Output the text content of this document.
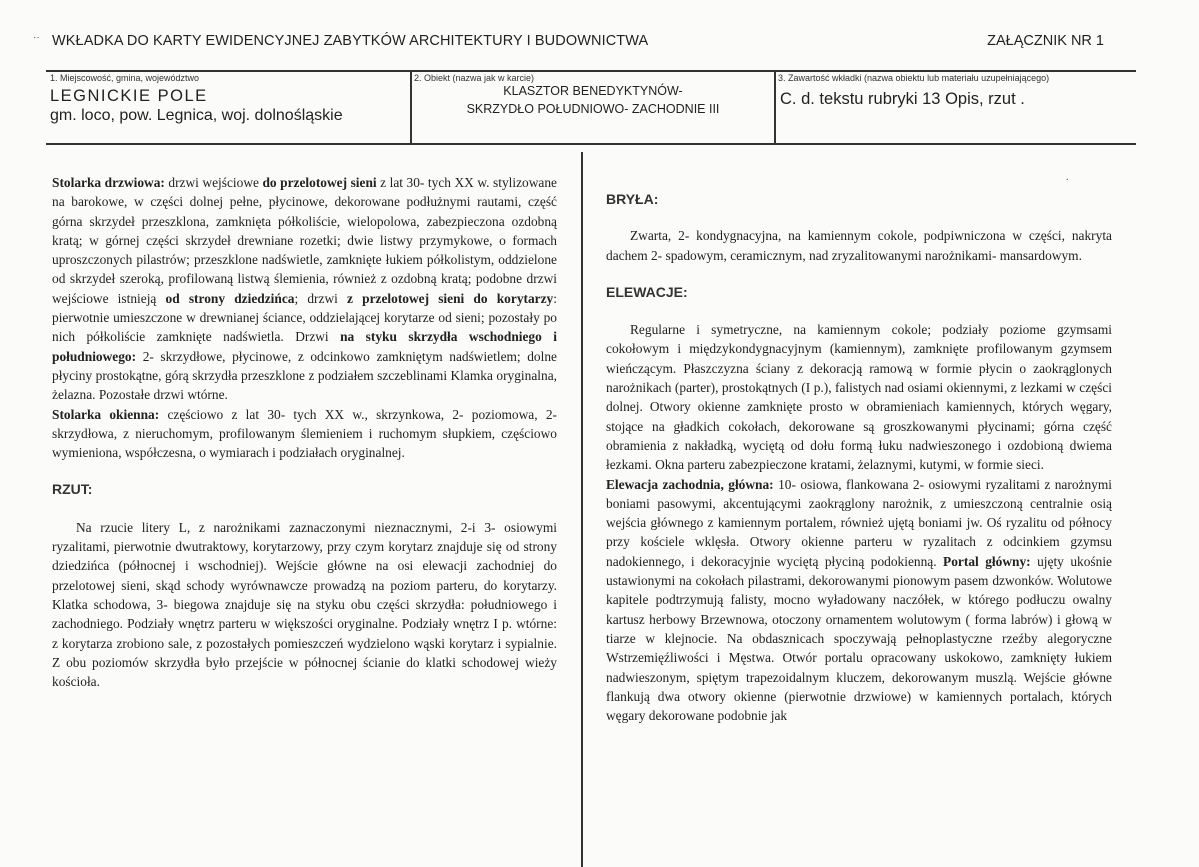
˙˙
.
WKŁADKA DO KARTY EWIDENCYJNEJ ZABYTKÓW ARCHITEKTURY I BUDOWNICTWA	ZAŁĄCZNIK NR 1
1. Miejscowość, gmina, województwo
LEGNICKIE POLE
gm. loco, pow. Legnica, woj. dolnośląskie
2. Obiekt (nazwa jak w karcie)
KLASZTOR BENEDYKTYNÓW-
SKRZYDŁO POŁUDNIOWO- ZACHODNIE III
3. Zawartość wkładki (nazwa obiektu lub materiału uzupełniającego)
C. d. tekstu rubryki 13 Opis, rzut .

Stolarka drzwiowa: drzwi wejściowe do przelotowej sieni z lat 30- tych XX w. stylizowane na barokowe, w części dolnej pełne, płycinowe, dekorowane podłużnymi rautami, część górna skrzydeł przeszklona, zamknięta półkoliście, wielopolowa, zabezpieczona ozdobną kratą; w górnej części skrzydeł drewniane rozetki; dwie listwy przymykowe, o formach uproszczonych pilastrów; przeszklone nadświetle, zamknięte łukiem półkolistym, oddzielone od skrzydeł szeroką, profilowaną listwą ślemienia, również z ozdobną kratą; podobne drzwi wejściowe istnieją od strony dziedzińca; drzwi z przelotowej sieni do korytarzy: pierwotnie umieszczone w drewnianej ściance, oddzielającej korytarze od sieni; pozostały po nich półkoliście zamknięte nadświetla. Drzwi na styku skrzydła wschodniego i południowego: 2- skrzydłowe, płycinowe, z odcinkowo zamkniętym nadświetlem; dolne płyciny prostokątne, górą skrzydła przeszklone z podziałem szczeblinami Klamka oryginalna, żelazna. Pozostałe drzwi wtórne.

Stolarka okienna: częściowo z lat 30- tych XX w., skrzynkowa, 2- poziomowa, 2- skrzydłowa, z nieruchomym, profilowanym ślemieniem i ruchomym słupkiem, częściowo wymieniona, współczesna, o wymiarach i podziałach oryginalnej.

RZUT:

Na rzucie litery L, z narożnikami zaznaczonymi nieznacznymi, 2-i 3- osiowymi ryzalitami, pierwotnie dwutraktowy, korytarzowy, przy czym korytarz znajduje się od strony dziedzińca (północnej i wschodniej). Wejście główne na osi elewacji zachodniej do przelotowej sieni, skąd schody wyrównawcze prowadzą na poziom parteru, do korytarzy. Klatka schodowa, 3- biegowa znajduje się na styku obu części skrzydła: południowego i zachodniego. Podziały wnętrz parteru w większości oryginalne. Podziały wnętrz I p. wtórne: z korytarza zrobiono sale, z pozostałych pomieszczeń wydzielono wąski korytarz i sypialnie. Z obu poziomów skrzydła było przejście w północnej ścianie do klatki schodowej wieży kościoła.

BRYŁA:

Zwarta, 2- kondygnacyjna, na kamiennym cokole, podpiwniczona w części, nakryta dachem 2- spadowym, ceramicznym, nad zryzalitowanymi narożnikami- mansardowym.

ELEWACJE:

Regularne i symetryczne, na kamiennym cokole; podziały poziome gzymsami cokołowym i międzykondygnacyjnym (kamiennym), zamknięte profilowanym gzymsem wieńczącym. Płaszczyzna ściany z dekoracją ramową w formie płycin o zaokrąglonych narożnikach (parter), prostokątnych (I p.), falistych nad osiami okiennymi, z lezkami w części dolnej. Otwory okienne zamknięte prosto w obramieniach kamiennych, których węgary, stojące na gładkich cokołach, dekorowane są groszkowanymi płycinami; górna część obramienia z nakładką, wyciętą od dołu formą łuku nadwieszonego i ozdobioną dwiema łezkami. Okna parteru zabezpieczone kratami, żelaznymi, kutymi, w formie sieci.

Elewacja zachodnia, główna: 10- osiowa, flankowana 2- osiowymi ryzalitami z narożnymi boniami pasowymi, akcentującymi zaokrąglony narożnik, z umieszczoną centralnie osią wejścia głównego z kamiennym portalem, również ujętą boniami jw. Oś ryzalitu od północy przy kościele wklęsła. Otwory okienne parteru w ryzalitach z odcinkiem gzymsu nadokiennego, i dekoracyjnie wyciętą płyciną podokienną. Portal główny: ujęty ukośnie ustawionymi na cokołach pilastrami, dekorowanymi pionowym pasem dzwonków. Wolutowe kapitele podtrzymują falisty, mocno wyładowany naczółek, w którego podłuczu owalny kartusz herbowy Brzewnowa, otoczony ornamentem wolutowym ( forma labrów) i głową w tiarze w klejnocie. Na obdasznicach spoczywają pełnoplastyczne rzeźby alegoryczne Wstrzemięźliwości i Męstwa. Otwór portalu opracowany uskokowo, zamknięty łukiem nadwieszonym, spiętym trapezoidalnym kluczem, dekorowanym muszlą. Wejście główne flankują dwa otwory okienne (pierwotnie drzwiowe) w kamiennych portalach, których węgary dekorowane podobnie jak
